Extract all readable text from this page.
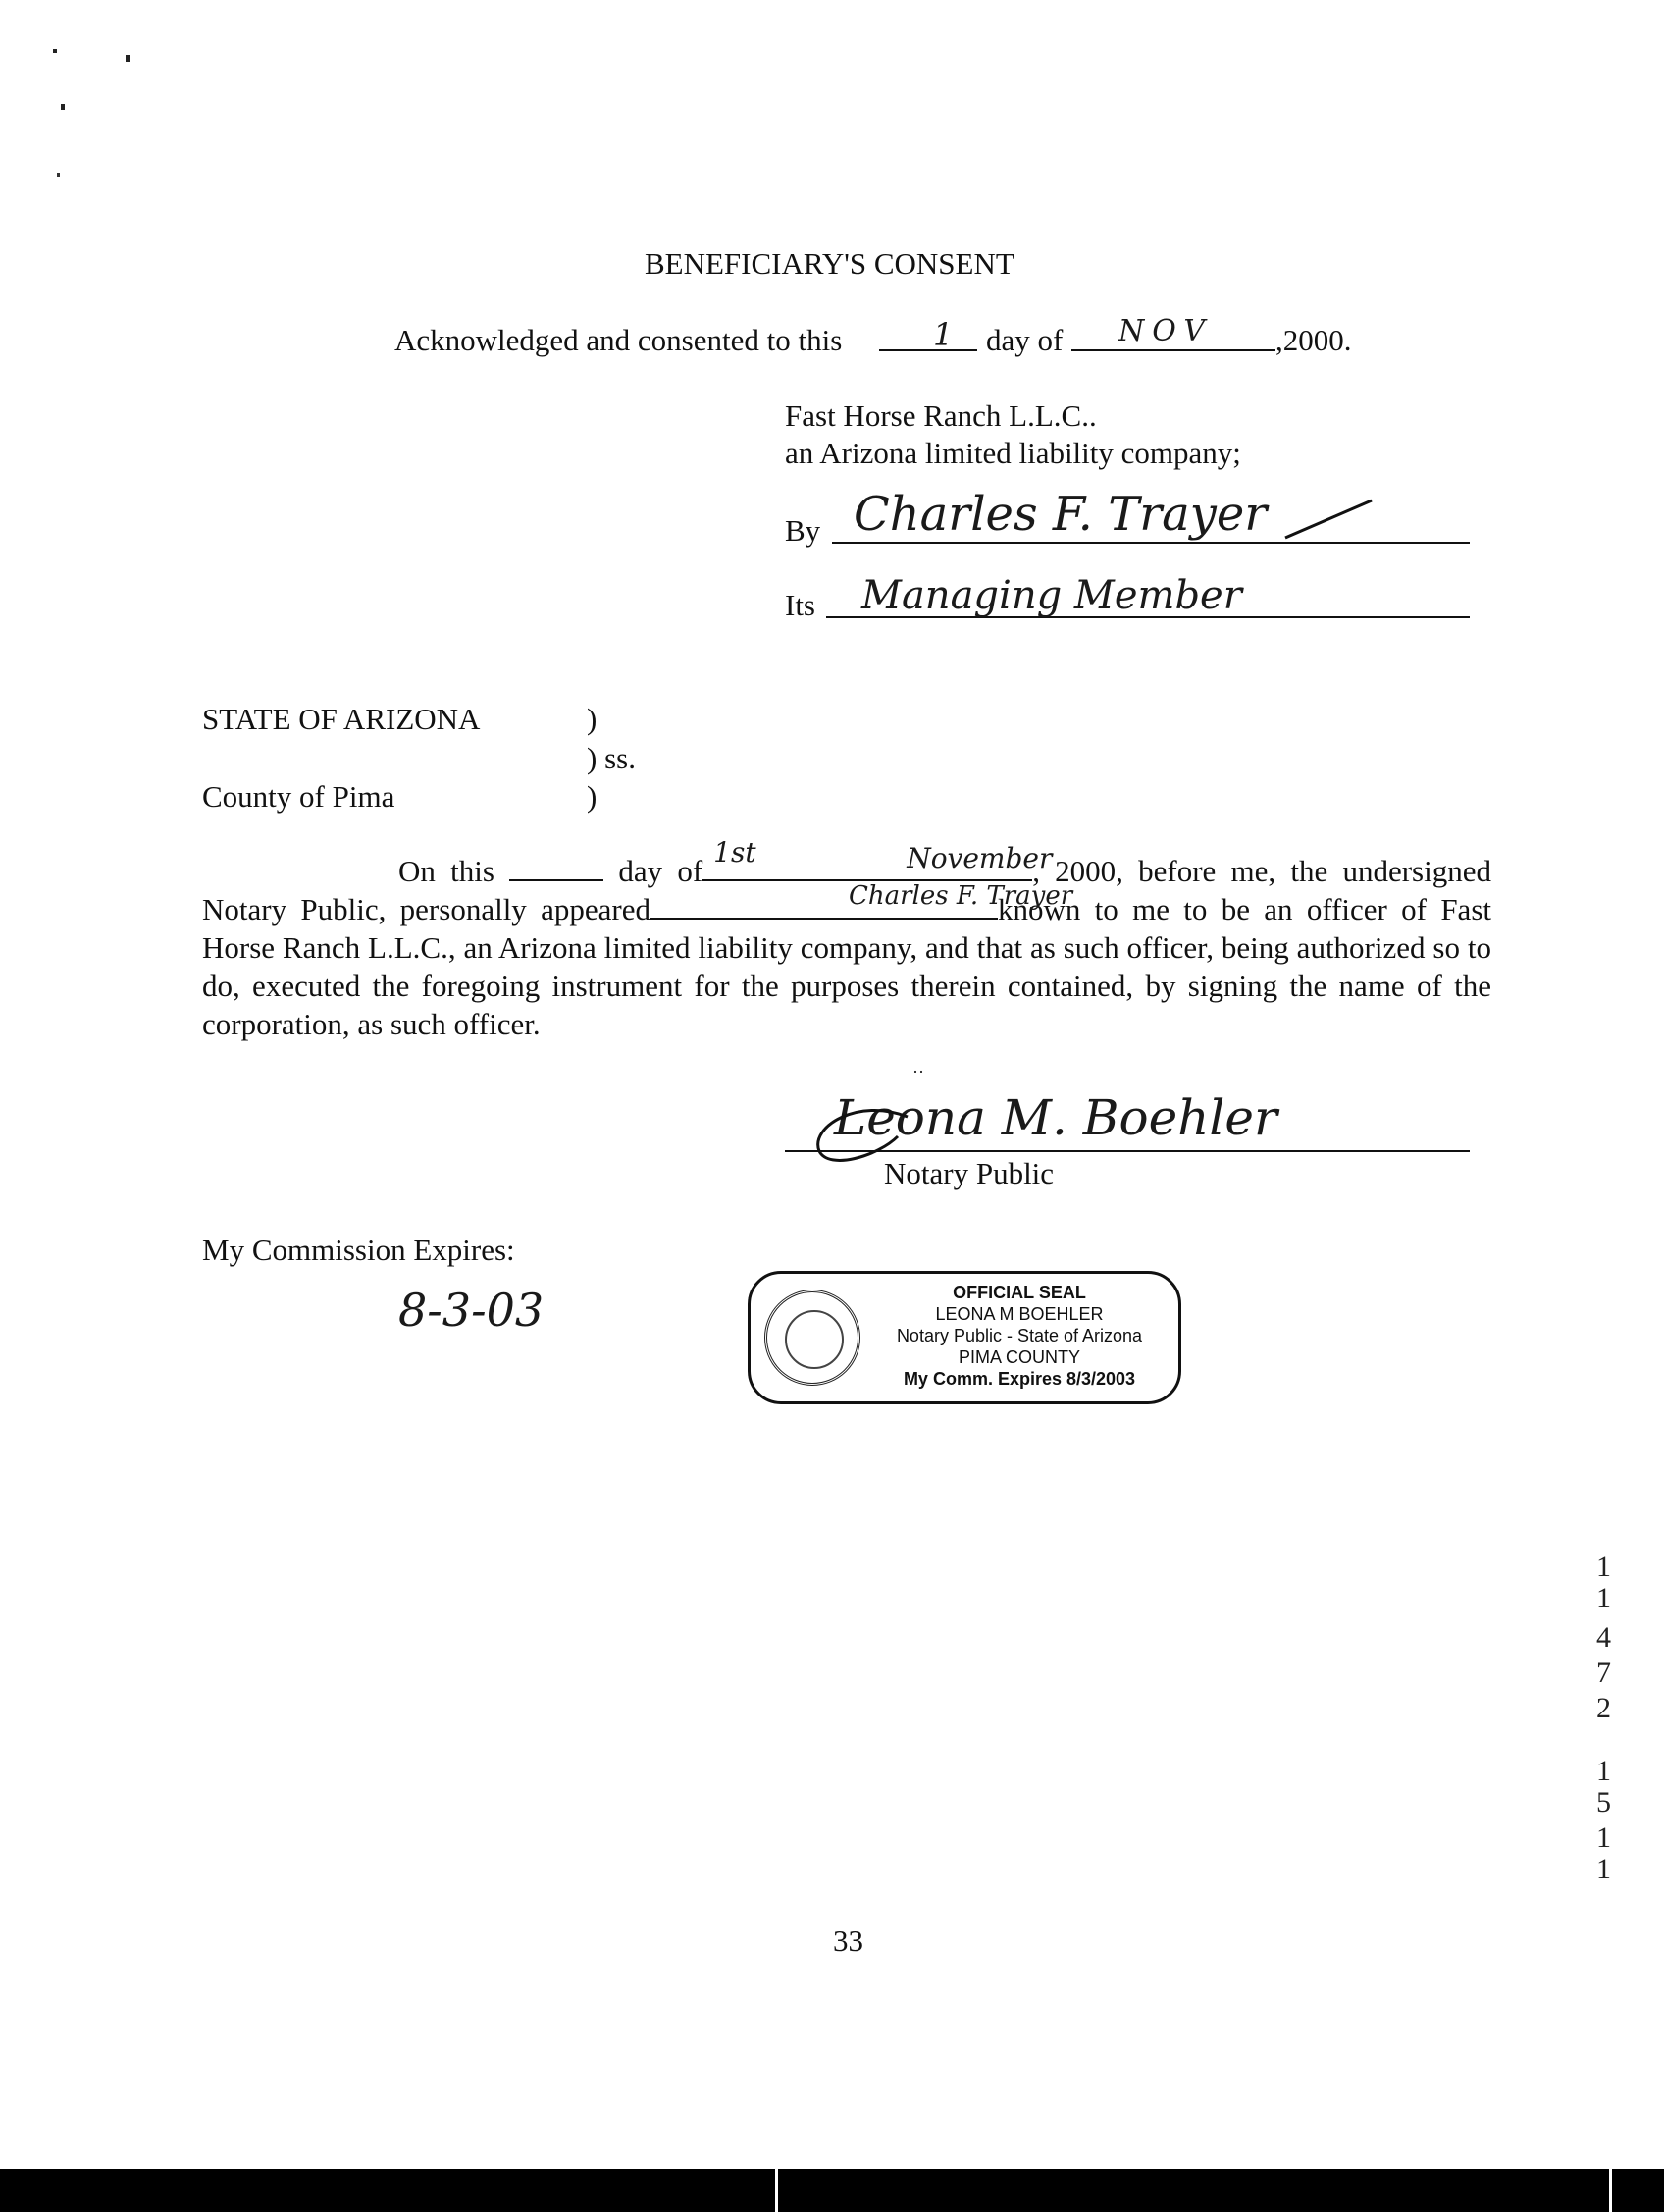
BENEFICIARY'S CONSENT
Acknowledged and consented to this	1 day of NOV ,2000.
Fast Horse Ranch L.L.C..
an Arizona limited liability company;
By Charles F. Trayer
Its Managing Member
STATE OF ARIZONA	)
) ss.
County of Pima	)
On this
1st
day of	November
, 2000, before me, the undersigned Notary Public, personally appeared	Charles F. Trayer
known to me to be an officer of Fast Horse Ranch L.L.C., an Arizona limited liability company, and that as such officer, being authorized so to do, executed the foregoing instrument for the purposes therein contained, by signing the name of the corporation, as such officer.
··
Leona M. Boehler
Notary Public
My Commission Expires:
8-3-03	OFFICIAL SEAL
LEONA M BOEHLER
Notary Public - State of Arizona
PIMA COUNTY
My Comm. Expires 8/3/2003
1
1
4
7
2
1
5
1
1
33
